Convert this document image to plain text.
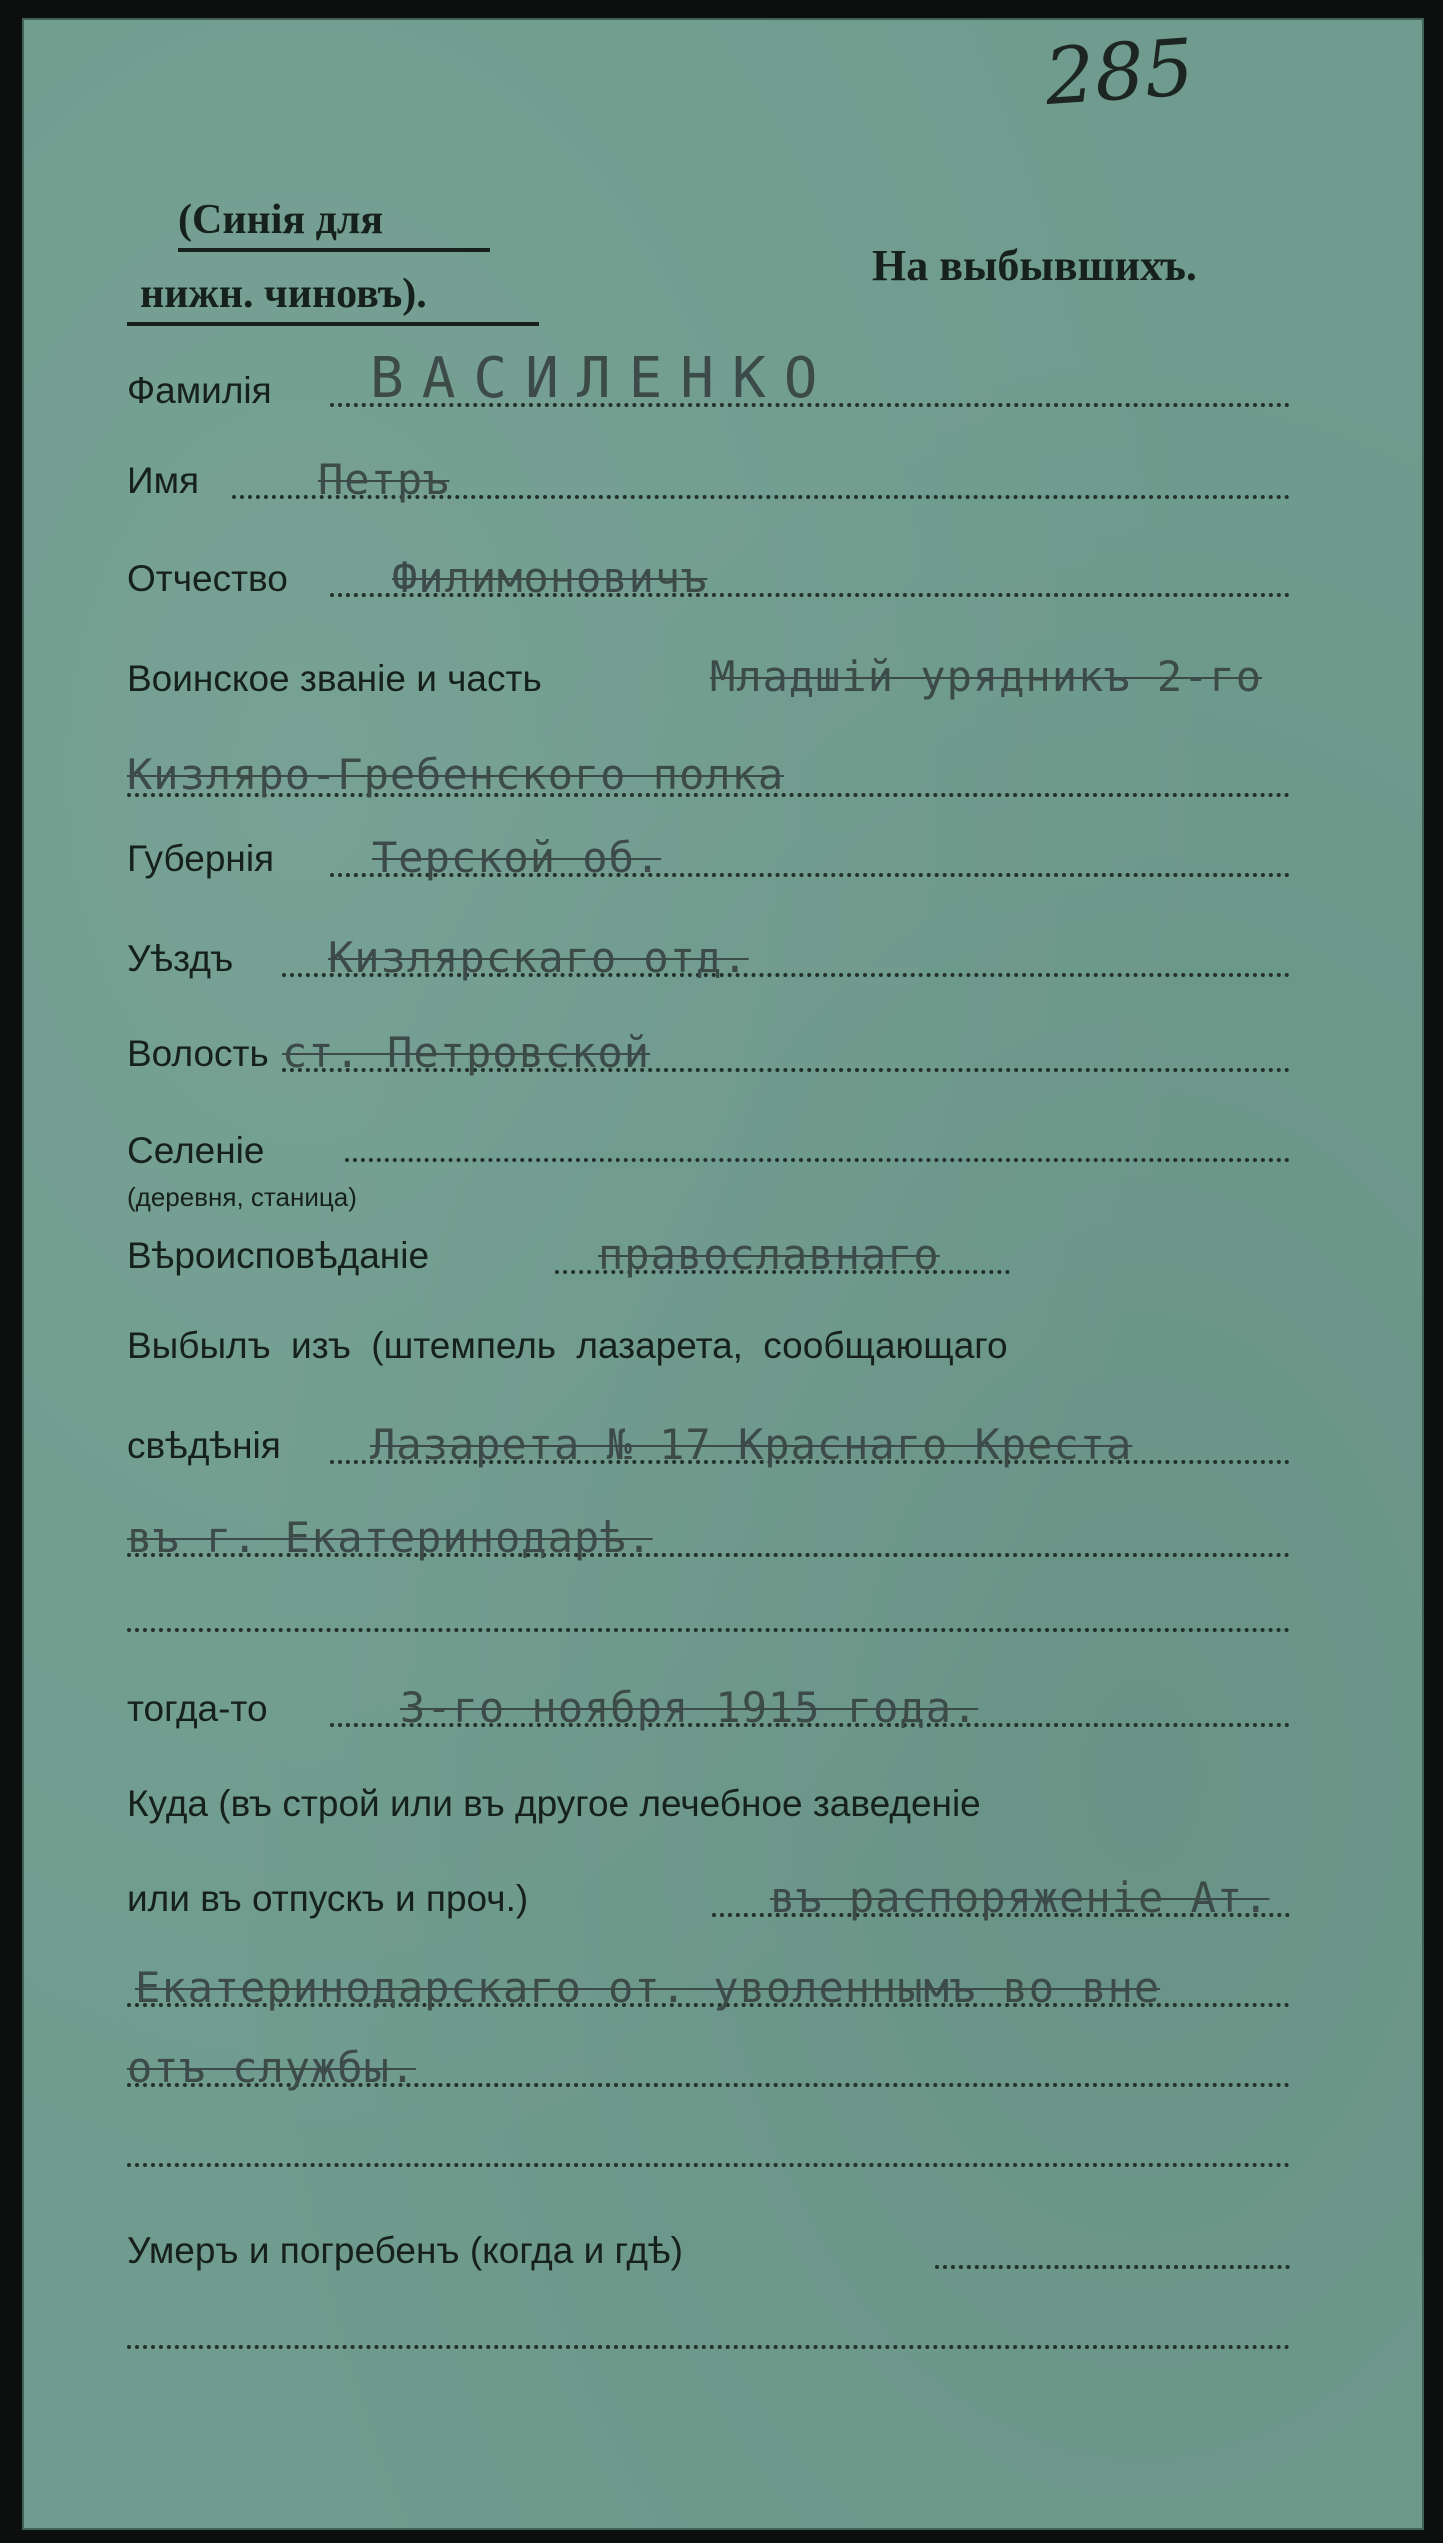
285
(Синія для
нижн. чиновъ).
На выбывшихъ.
Фамилія ВАСИЛЕНКО
Имя	Петръ
Отчество Филимоновичъ
Воинское званіе и часть	Младшій урядникъ 2-го
Кизляро-Гребенского полка
Губернія Терской об.
Уѣздъ Кизлярскаго отд.
Волость ст. Петровской
Селеніе
(деревня, станица)
Вѣроисповѣданіе	православнаго
Выбылъ изъ (штемпель лазарета, сообщающаго
свѣдѣнія Лазарета № 17 Краснаго Креста
въ г. Екатеринодарѣ.
тогда-то	3-го ноября 1915 года.
Куда (въ строй или въ другое лечебное заведеніе
или въ отпускъ и проч.)	въ распоряженіе Ат.
Екатеринодарскаго от. уволеннымъ во вне
отъ службы.
Умеръ и погребенъ (когда и гдѣ)
